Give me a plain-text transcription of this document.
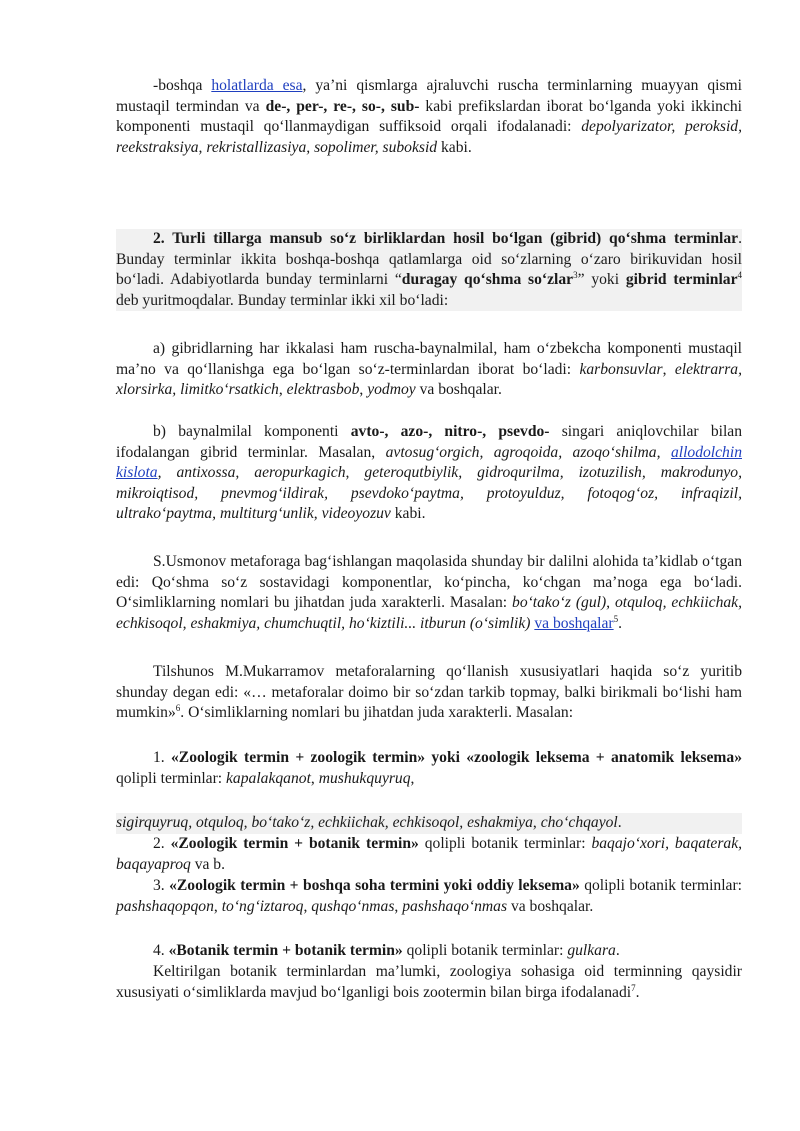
-boshqa holatlarda esa, ya’ni qismlarga ajraluvchi ruscha terminlarning muayyan qismi mustaqil termindan va de-, per-, re-, so-, sub- kabi prefikslardan iborat bo‘lganda yoki ikkinchi komponenti mustaqil qo‘llanmaydigan suffiksoid orqali ifodalanadi: depolyarizator, peroksid, reekstraksiya, rekristallizasiya, sopolimer, suboksid kabi.

2. Turli tillarga mansub so‘z birliklardan hosil bo‘lgan (gibrid) qo‘shma terminlar. Bunday terminlar ikkita boshqa-boshqa qatlamlarga oid so‘zlarning o‘zaro birikuvidan hosil bo‘ladi. Adabiyotlarda bunday terminlarni “duragay qo‘shma so‘zlar$^3$” yoki gibrid terminlar$^4$ deb yuritmoqdalar. Bunday terminlar ikki xil bo‘ladi:

a) gibridlarning har ikkalasi ham ruscha-baynalmilal, ham o‘zbekcha komponenti mustaqil ma’no va qo‘llanishga ega bo‘lgan so‘z-terminlardan iborat bo‘ladi: karbonsuvlar, elektrarra, xlorsirka, limitko‘rsatkich, elektrasbob, yodmoy va boshqalar.

b) baynalmilal komponenti avto-, azo-, nitro-, psevdo- singari aniqlovchilar bilan ifodalangan gibrid terminlar. Masalan, avtosug‘orgich, agroqoida, azoqo‘shilma, allodolchin kislota, antixossa, aeropurkagich, geteroqutbiylik, gidroqurilma, izotuzilish, makrodunyo, mikroiqtisod, pnevmog‘ildirak, psevdoko‘paytma, protoyulduz, fotoqog‘oz, infraqizil, ultrako‘paytma, multiturg‘unlik, videoyozuv kabi.

S.Usmonov metaforaga bag‘ishlangan maqolasida shunday bir dalilni alohida ta’kidlab o‘tgan edi: Qo‘shma so‘z sostavidagi komponentlar, ko‘pincha, ko‘chgan ma’noga ega bo‘ladi. O‘simliklarning nomlari bu jihatdan juda xarakterli. Masalan: bo‘tako‘z (gul), otquloq, echkiichak, echkisoqol, eshakmiya, chumchuqtil, ho‘kiztili... itburun (o‘simlik) va boshqalar$^5$.

Tilshunos M.Mukarramov metaforalarning qo‘llanish xususiyatlari haqida so‘z yuritib shunday degan edi: «… metaforalar doimo bir so‘zdan tarkib topmay, balki birikmali bo‘lishi ham mumkin»$^6$. O‘simliklarning nomlari bu jihatdan juda xarakterli. Masalan:

1. «Zoologik termin + zoologik termin» yoki «zoologik leksema + anatomik leksema» qolipli terminlar: kapalakqanot, mushukquyruq,

sigirquyruq, otquloq, bo‘tako‘z, echkiichak, echkisoqol, eshakmiya, cho‘chqayol.

2. «Zoologik termin + botanik termin» qolipli botanik terminlar: baqajo‘xori, baqaterak, baqayaproq va b.

3. «Zoologik termin + boshqa soha termini yoki oddiy leksema» qolipli botanik terminlar: pashshaqopqon, to‘ng‘iztaroq, qushqo‘nmas, pashshaqo‘nmas va boshqalar.

4. «Botanik termin + botanik termin» qolipli botanik terminlar: gulkara.

Keltirilgan botanik terminlardan ma’lumki, zoologiya sohasiga oid terminning qaysidir xususiyati o‘simliklarda mavjud bo‘lganligi bois zootermin bilan birga ifodalanadi$^7$.
